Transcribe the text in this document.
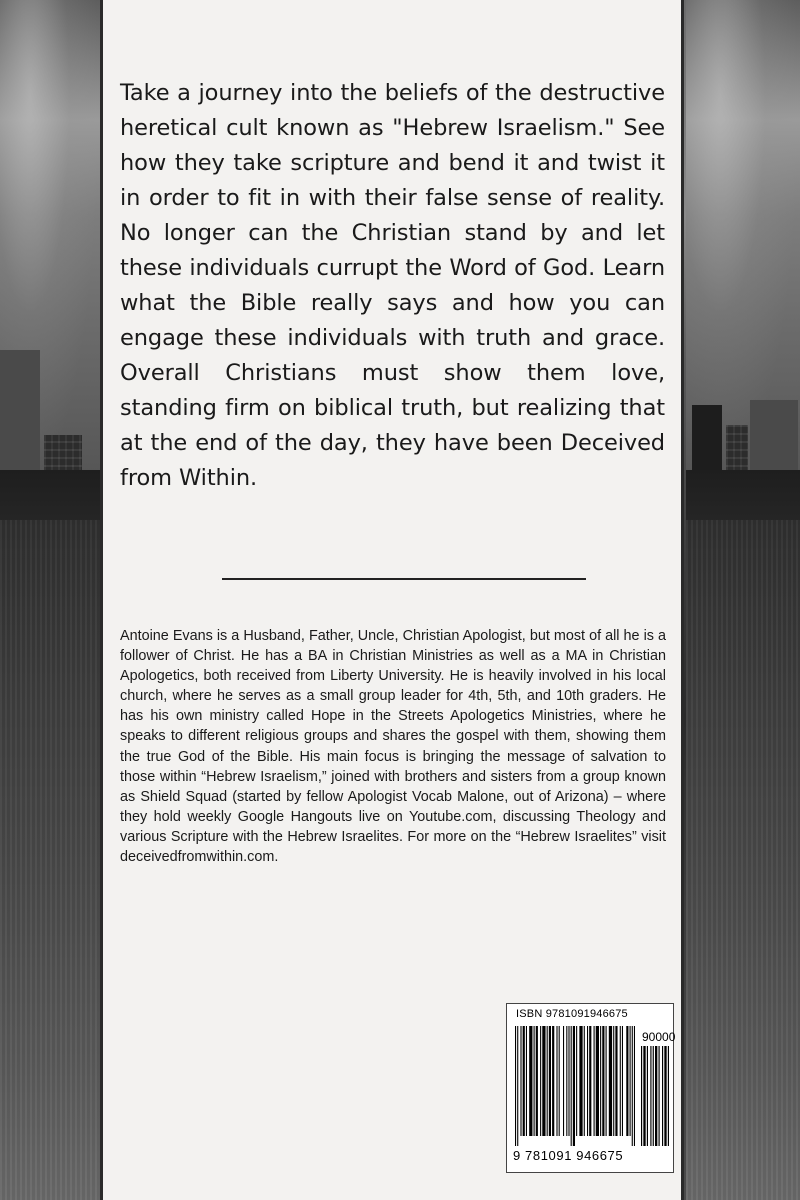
Take a journey into the beliefs of the destructive heretical cult known as "Hebrew Israelism." See how they take scripture and bend it and twist it in order to fit in with their false sense of reality. No longer can the Christian stand by and let these individuals currupt the Word of God. Learn what the Bible really says and how you can engage these individuals with truth and grace. Overall Christians must show them love, standing firm on biblical truth, but realizing that at the end of the day, they have been Deceived from Within.

Antoine Evans is a Husband, Father, Uncle, Christian Apologist, but most of all he is a follower of Christ. He has a BA in Christian Ministries as well as a MA in Christian Apologetics, both received from Liberty University. He is heavily involved in his local church, where he serves as a small group leader for 4th, 5th, and 10th graders. He has his own ministry called Hope in the Streets Apologetics Ministries, where he speaks to different religious groups and shares the gospel with them, showing them the true God of the Bible. His main focus is bringing the message of salvation to those within “Hebrew Israelism,” joined with brothers and sisters from a group known as Shield Squad (started by fellow Apologist Vocab Malone, out of Arizona) – where they hold weekly Google Hangouts live on Youtube.com, discussing Theology and various Scripture with the Hebrew Israelites. For more on the “Hebrew Israelites” visit deceivedfromwithin.com.

ISBN 9781091946675
90000
9 781091 946675
